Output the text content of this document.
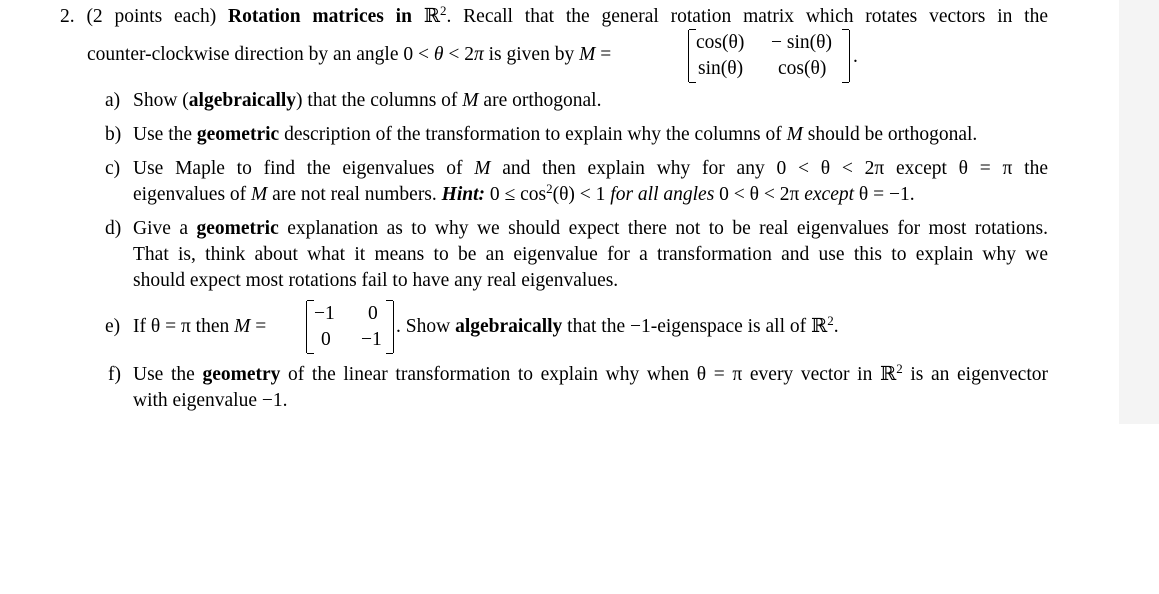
2. (2 points each) Rotation matrices in ℝ$^2$. Recall that the general rotation matrix which rotates vectors in the
counter-clockwise direction by an angle 0 < θ < 2π is given by M =
cos(θ) − sin(θ)
sin(θ) cos(θ)
.
a) Show (algebraically) that the columns of M are orthogonal.
b) Use the geometric description of the transformation to explain why the columns of M should be orthogonal.
c) Use Maple to find the eigenvalues of M and then explain why for any 0 < θ < 2π except θ = π the
eigenvalues of M are not real numbers. Hint: $0 \le \cos^2(\theta) < 1$ for all angles 0 < θ < 2π except θ = −1.
d) Give a geometric explanation as to why we should expect there not to be real eigenvalues for most rotations.
That is, think about what it means to be an eigenvalue for a transformation and use this to explain why we
should expect most rotations fail to have any real eigenvalues.
e) If θ = π then M =
−1 0
0 −1
. Show algebraically that the −1-eigenspace is all of ℝ$^2$.
f) Use the geometry of the linear transformation to explain why when θ = π every vector in ℝ$^2$ is an eigenvector
with eigenvalue −1.
